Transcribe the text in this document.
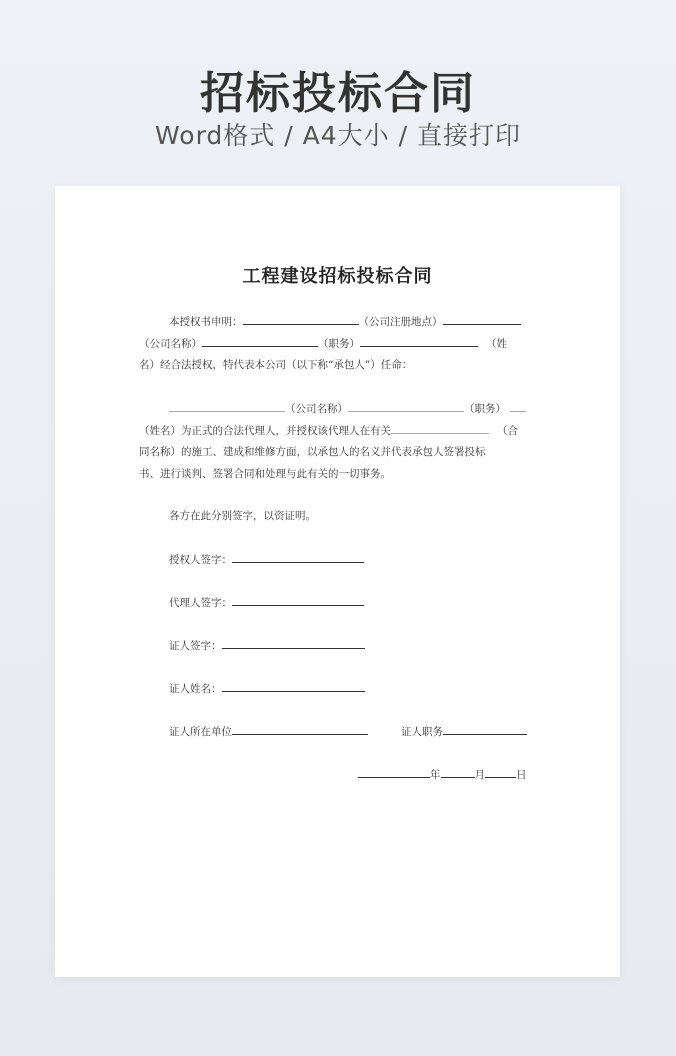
招标投标合同
Word格式 / A4大小 / 直接打印
工程建设招标投标合同
本授权书申明：	（公司注册地点）
（公司名称）	（职务）	（姓
名）经合法授权，特代表本公司（以下称“承包人”）任命：
（公司名称）	（职务）
（姓名）为正式的合法代理人，并授权该代理人在有关	（合
同名称）的施工、建成和维修方面，以承包人的名义并代表承包人签署投标
书、进行谈判、签署合同和处理与此有关的一切事务。
各方在此分别签字，以资证明。
授权人签字：
代理人签字：
证人签字：
证人姓名：
证人所在单位	证人职务
年	月	日
